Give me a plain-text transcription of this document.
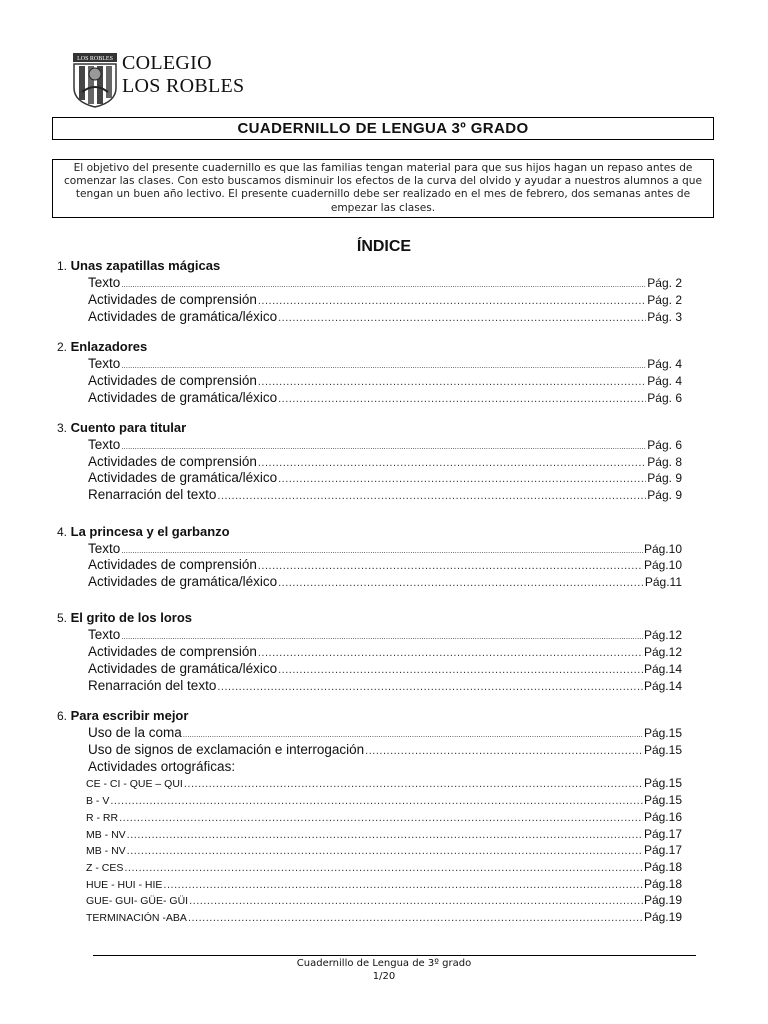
LOS ROBLES COLEGIO
LOS ROBLES
CUADERNILLO DE LENGUA 3º GRADO
El objetivo del presente cuadernillo es que las familias tengan material para que sus hijos hagan un repaso antes de comenzar las clases. Con esto buscamos disminuir los efectos de la curva del olvido y ayudar a nuestros alumnos a que tengan un buen año lectivo. El presente cuadernillo debe ser realizado en el mes de febrero, dos semanas antes de empezar las clases.
ÍNDICE
1. Unas zapatillas mágicas
Texto .....	Pág. 2
Actividades de comprensión .....	Pág. 2
Actividades de gramática/léxico .....	Pág. 3
2. Enlazadores
Texto .....	Pág. 4
Actividades de comprensión .....	Pág. 4
Actividades de gramática/léxico .....	Pág. 6
3. Cuento para titular
Texto .....	Pág. 6
Actividades de comprensión .....	Pág. 8
Actividades de gramática/léxico .....	Pág. 9
Renarración del texto .....	Pág. 9
4. La princesa y el garbanzo
Texto .....	Pág.10
Actividades de comprensión .....	Pág.10
Actividades de gramática/léxico .....	Pág.11
5. El grito de los loros
Texto .....	Pág.12
Actividades de comprensión .....	Pág.12
Actividades de gramática/léxico .....	Pág.14
Renarración del texto .....	Pág.14
6. Para escribir mejor
Uso de la coma .....	Pág.15
Uso de signos de exclamación e interrogación .....	Pág.15
Actividades ortográficas:
CE - CI - QUE – QUI .....	Pág.15
B - V .....	Pág.15
R - RR .....	Pág.16
MB - NV .....	Pág.17
MB - NV .....	Pág.17
Z - CES .....	Pág.18
HUE - HUI - HIE .....	Pág.18
GUE- GUI- GÜE- GÜI .....	Pág.19
TERMINACIÓN -ABA .....	Pág.19
Cuadernillo de Lengua de 3º grado
1/20
